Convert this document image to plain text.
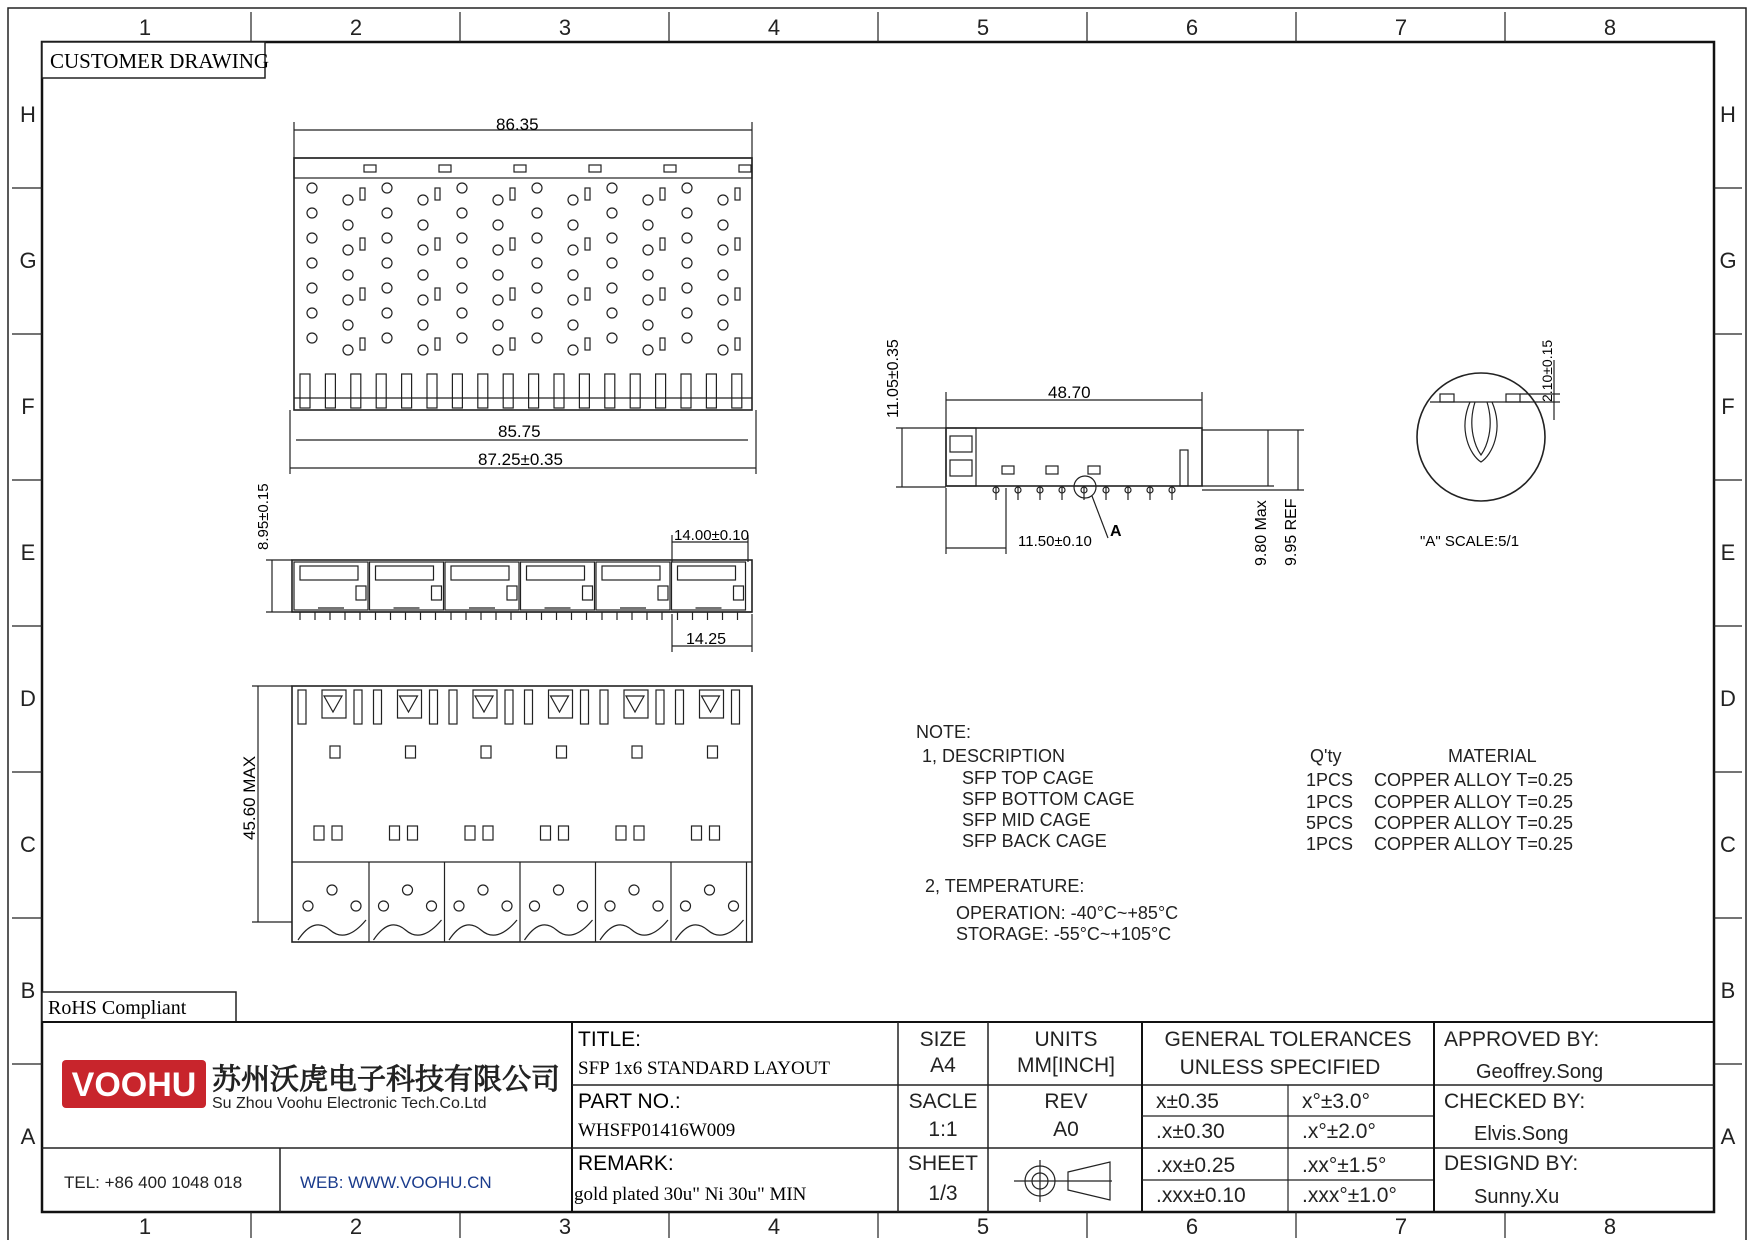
1	2	3	4	5	6	7	8
1	2	3	4	5	6	7	8
H
G
F
E
D
C
B
A
H
G
F
E
D
C
B
A
CUSTOMER DRAWING
86.35
85.75
87.25±0.35
8.95±0.15	14.00±0.10
14.25
45.60 MAX
48.70
11.05±0.35
11.50±0.10
A	9.80 Max 9.95 REF
2.10±0.15
"A" SCALE:5/1
NOTE:
1, DESCRIPTION	Q'ty	MATERIAL
SFP TOP CAGE	1PCS COPPER ALLOY T=0.25
SFP BOTTOM CAGE	1PCS COPPER ALLOY T=0.25
SFP MID CAGE	5PCS COPPER ALLOY T=0.25
SFP BACK CAGE	1PCS COPPER ALLOY T=0.25
2, TEMPERATURE:
OPERATION: -40°C~+85°C
STORAGE: -55°C~+105°C
RoHS Compliant
VOOHU 苏州沃虎电子科技有限公司
Su Zhou Voohu Electronic Tech.Co.Ltd
TEL: +86 400 1048 018	WEB: WWW.VOOHU.CN
TITLE:
SFP 1x6 STANDARD LAYOUT
PART NO.:
WHSFP01416W009
REMARK:
gold plated 30u" Ni 30u" MIN
SIZE
A4
UNITS
MM[INCH]
SACLE
1:1
REV
A0
SHEET
1/3
GENERAL TOLERANCES
UNLESS SPECIFIED
x±0.35	x°±3.0°
.x±0.30	.x°±2.0°
.xx±0.25	.xx°±1.5°
.xxx±0.10	.xxx°±1.0°
APPROVED BY:
Geoffrey.Song
CHECKED BY:
Elvis.Song
DESIGND BY:
Sunny.Xu
